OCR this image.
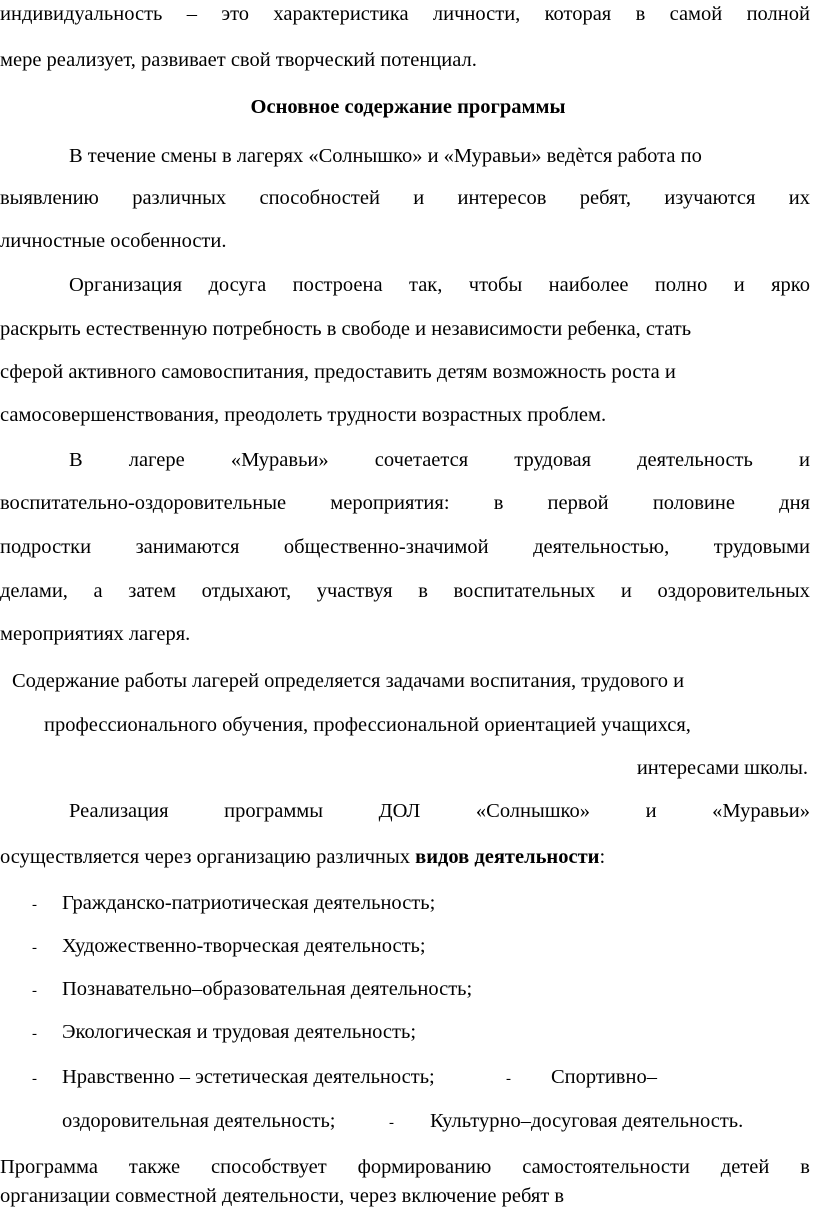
индивидуальность – это характеристика личности, которая в самой полной
мере реализует, развивает свой творческий потенциал.
Основное содержание программы
В течение смены в лагерях «Солнышко» и «Муравьи» ведѐтся работа по
выявлению различных способностей и интересов ребят, изучаются их
личностные особенности.
Организация досуга построена так, чтобы наиболее полно и ярко
раскрыть естественную потребность в свободе и независимости ребенка, стать
сферой активного самовоспитания, предоставить детям возможность роста и
самосовершенствования, преодолеть трудности возрастных проблем.
В лагере «Муравьи» сочетается трудовая деятельность и
воспитательно-оздоровительные мероприятия: в первой половине дня
подростки занимаются общественно-значимой деятельностью, трудовыми
делами, а затем отдыхают, участвуя в воспитательных и оздоровительных
мероприятиях лагеря.
Содержание работы лагерей определяется задачами воспитания, трудового и
профессионального обучения, профессиональной ориентацией учащихся,
интересами школы.
Реализация	программы	ДОЛ	«Солнышко»	и	«Муравьи»
осуществляется через организацию различных видов деятельности:
- Гражданско-патриотическая деятельность;
- Художественно-творческая деятельность;
- Познавательно–образовательная деятельность;
- Экологическая и трудовая деятельность;
- Нравственно – эстетическая деятельность;	- Спортивно–
оздоровительная деятельность;	- Культурно–досуговая деятельность.
Программа также способствует формированию самостоятельности детей в
организации совместной деятельности, через включение ребят в
